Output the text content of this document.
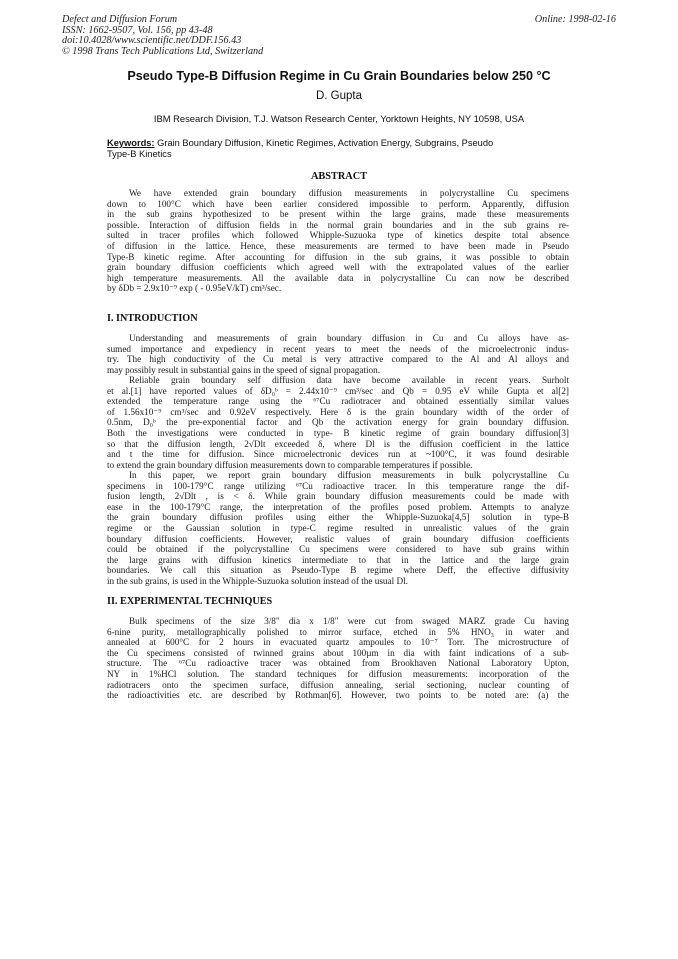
Defect and Diffusion Forum
ISSN: 1662-9507, Vol. 156, pp 43-48
doi:10.4028/www.scientific.net/DDF.156.43
© 1998 Trans Tech Publications Ltd, Switzerland
Online: 1998-02-16
Pseudo Type-B Diffusion Regime in Cu Grain Boundaries below 250 °C
D. Gupta
IBM Research Division, T.J. Watson Research Center, Yorktown Heights, NY 10598, USA
Keywords: Grain Boundary Diffusion, Kinetic Regimes, Activation Energy, Subgrains, Pseudo
Type-B Kinetics
ABSTRACT
We have extended grain boundary diffusion measurements in polycrystalline Cu specimens
down to 100°C which have been earlier considered impossible to perform. Apparently, diffusion
in the sub grains hypothesized to be present within the large grains, made these measurements
possible. Interaction of diffusion fields in the normal grain boundaries and in the sub grains re-
sulted in tracer profiles which followed Whipple-Suzuoka type of kinetics despite total absence
of diffusion in the lattice. Hence, these measurements are termed to have been made in Pseudo
Type-B kinetic regime. After accounting for diffusion in the sub grains, it was possible to obtain
grain boundary diffusion coefficients which agreed well with the extrapolated values of the earlier
high temperature measurements. All the available data in polycrystalline Cu can now be described
by δDb = 2.9x10⁻⁹ exp ( - 0.95eV/kT) cm³/sec.
I. INTRODUCTION
Understanding and measurements of grain boundary diffusion in Cu and Cu alloys have as-
sumed importance and expediency in recent years to meet the needs of the microelectronic indus-
try. The high conductivity of the Cu metal is very attractive compared to the Al and Al alloys and
may possibly result in substantial gains in the speed of signal propagation.
Reliable grain boundary self diffusion data have become available in recent years. Surholt
et al.[1] have reported values of δD₀ᵇ = 2.44x10⁻⁹ cm³/sec and Qb = 0.95 eV while Gupta et al[2]
extended the temperature range using the ⁶⁷Cu radiotracer and obtained essentially similar values
of 1.56x10⁻⁹ cm³/sec and 0.92eV respectively. Here δ is the grain boundary width of the order of
0.5nm, D₀ᵇ the pre-exponential factor and Qb the activation energy for grain boundary diffusion.
Both the investigations were conducted in type- B kinetic regime of grain boundary diffusion[3]
so that the diffusion length, 2√Dlt exceeded δ, where Dl is the diffusion coefficient in the lattice
and t the time for diffusion. Since microelectronic devices run at ~100°C, it was found desirable
to extend the grain boundary diffusion measurements down to comparable temperatures if possible.
In this paper, we report grain boundary diffusion measurements in bulk polycrystalline Cu
specimens in 100-179°C range utilizing ⁶⁷Cu radioactive tracer. In this temperature range the dif-
fusion length, 2√Dlt , is < δ. While grain boundary diffusion measurements could be made with
ease in the 100-179°C range, the interpretation of the profiles posed problem. Attempts to analyze
the grain boundary diffusion profiles using either the Whipple-Suzuoka[4,5] solution in type-B
regime or the Gaussian solution in type-C regime resulted in unrealistic values of the grain
boundary diffusion coefficients. However, realistic values of grain boundary diffusion coefficients
could be obtained if the polycrystalline Cu specimens were considered to have sub grains within
the large grains with diffusion kinetics intermediate to that in the lattice and the large grain
boundaries. We call this situation as Pseudo-Type B regime where Deff, the effective diffusivity
in the sub grains, is used in the Whipple-Suzuoka solution instead of the usual Dl.
II. EXPERIMENTAL TECHNIQUES
Bulk specimens of the size 3/8" dia x 1/8" were cut from swaged MARZ grade Cu having
6-nine purity, metallographically polished to mirror surface, etched in 5% HNO₃ in water and
annealed at 600°C for 2 hours in evacuated quartz ampoules to 10⁻⁷ Torr. The microstructure of
the Cu specimens consisted of twinned grains about 100µm in dia with faint indications of a sub-
structure. The ⁶⁷Cu radioactive tracer was obtained from Brookhaven National Laboratory Upton,
NY in 1%HCl solution. The standard techniques for diffusion measurements: incorporation of the
radiotracers onto the specimen surface, diffusion annealing, serial sectioning, nuclear counting of
the radioactivities etc. are described by Rothman[6]. However, two points to be noted are: (a) the
